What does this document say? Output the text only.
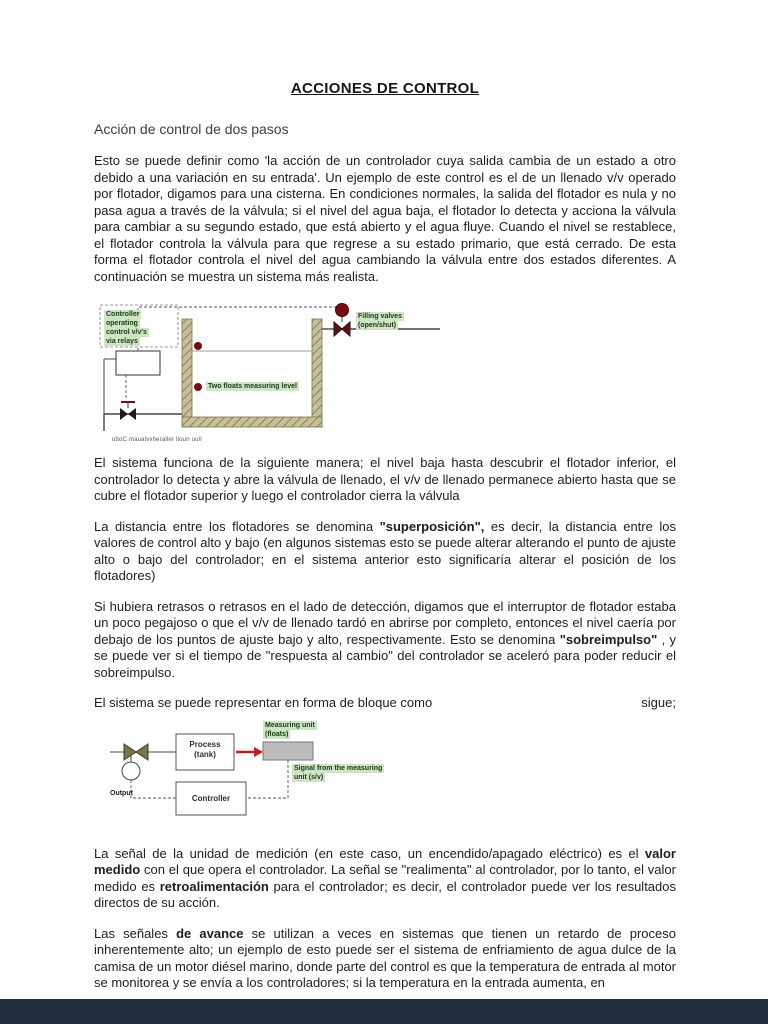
ACCIONES DE CONTROL
Acción de control de dos pasos

Esto se puede definir como 'la acción de un controlador cuya salida cambia de un estado a otro debido a una variación en su entrada'. Un ejemplo de este control es el de un llenado v/v operado por flotador, digamos para una cisterna. En condiciones normales, la salida del flotador es nula y no pasa agua a través de la válvula; si el nivel del agua baja, el flotador lo detecta y acciona la válvula para cambiar a su segundo estado, que está abierto y el agua fluye. Cuando el nivel se restablece, el flotador controla la válvula para que regrese a su estado primario, que está cerrado. De esta forma el flotador controla el nivel del agua cambiando la válvula entre dos estados diferentes. A continuación se muestra un sistema más realista.

Controller
operating
control v/v's
via relays
Filling valves
(open/shut)
Two floats measuring level
utloC maualvvheraller lloun uull

El sistema funciona de la siguiente manera; el nivel baja hasta descubrir el flotador inferior, el controlador lo detecta y abre la válvula de llenado, el v/v de llenado permanece abierto hasta que se cubre el flotador superior y luego el controlador cierra la válvula

La distancia entre los flotadores se denomina "superposición", es decir, la distancia entre los valores de control alto y bajo (en algunos sistemas esto se puede alterar alterando el punto de ajuste alto o bajo del controlador; en el sistema anterior esto significaría alterar el posición de los flotadores)

Si hubiera retrasos o retrasos en el lado de detección, digamos que el interruptor de flotador estaba un poco pegajoso o que el v/v de llenado tardó en abrirse por completo, entonces el nivel caería por debajo de los puntos de ajuste bajo y alto, respectivamente. Esto se denomina "sobreimpulso" , y se puede ver si el tiempo de "respuesta al cambio" del controlador se aceleró para poder reducir el sobreimpulso.

El sistema se puede representar en forma de bloque como	sigue;

Process
(tank)
Measuring unit
(floats)
Signal from the measuring
unit (s/v)
Controller
Output

La señal de la unidad de medición (en este caso, un encendido/apagado eléctrico) es el valor medido con el que opera el controlador. La señal se "realimenta" al controlador, por lo tanto, el valor medido es retroalimentación para el controlador; es decir, el controlador puede ver los resultados directos de su acción.

Las señales de avance se utilizan a veces en sistemas que tienen un retardo de proceso inherentemente alto; un ejemplo de esto puede ser el sistema de enfriamiento de agua dulce de la camisa de un motor diésel marino, donde parte del control es que la temperatura de entrada al motor se monitorea y se envía a los controladores; si la temperatura en la entrada aumenta, en
